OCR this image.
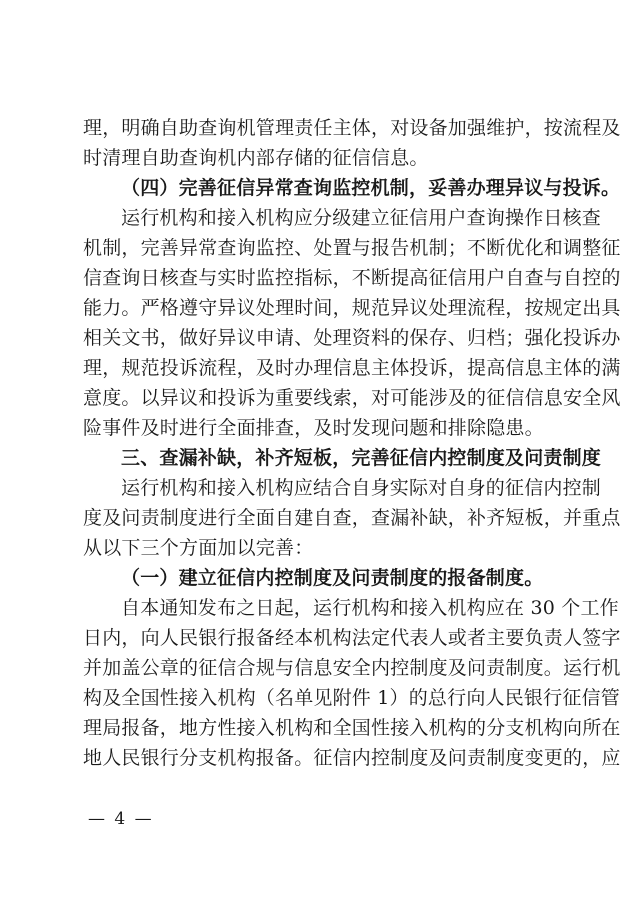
理，明确自助查询机管理责任主体，对设备加强维护，按流程及
时清理自助查询机内部存储的征信信息。
（四）完善征信异常查询监控机制，妥善办理异议与投诉。
运行机构和接入机构应分级建立征信用户查询操作日核查
机制，完善异常查询监控、处置与报告机制；不断优化和调整征
信查询日核查与实时监控指标，不断提高征信用户自查与自控的
能力。严格遵守异议处理时间，规范异议处理流程，按规定出具
相关文书，做好异议申请、处理资料的保存、归档；强化投诉办
理，规范投诉流程，及时办理信息主体投诉，提高信息主体的满
意度。以异议和投诉为重要线索，对可能涉及的征信信息安全风
险事件及时进行全面排查，及时发现问题和排除隐患。
三、查漏补缺，补齐短板，完善征信内控制度及问责制度
运行机构和接入机构应结合自身实际对自身的征信内控制
度及问责制度进行全面自建自查，查漏补缺，补齐短板，并重点
从以下三个方面加以完善：
（一）建立征信内控制度及问责制度的报备制度。
自本通知发布之日起，运行机构和接入机构应在 30 个工作
日内，向人民银行报备经本机构法定代表人或者主要负责人签字
并加盖公章的征信合规与信息安全内控制度及问责制度。运行机
构及全国性接入机构（名单见附件 1）的总行向人民银行征信管
理局报备，地方性接入机构和全国性接入机构的分支机构向所在
地人民银行分支机构报备。征信内控制度及问责制度变更的，应
— 4 —
